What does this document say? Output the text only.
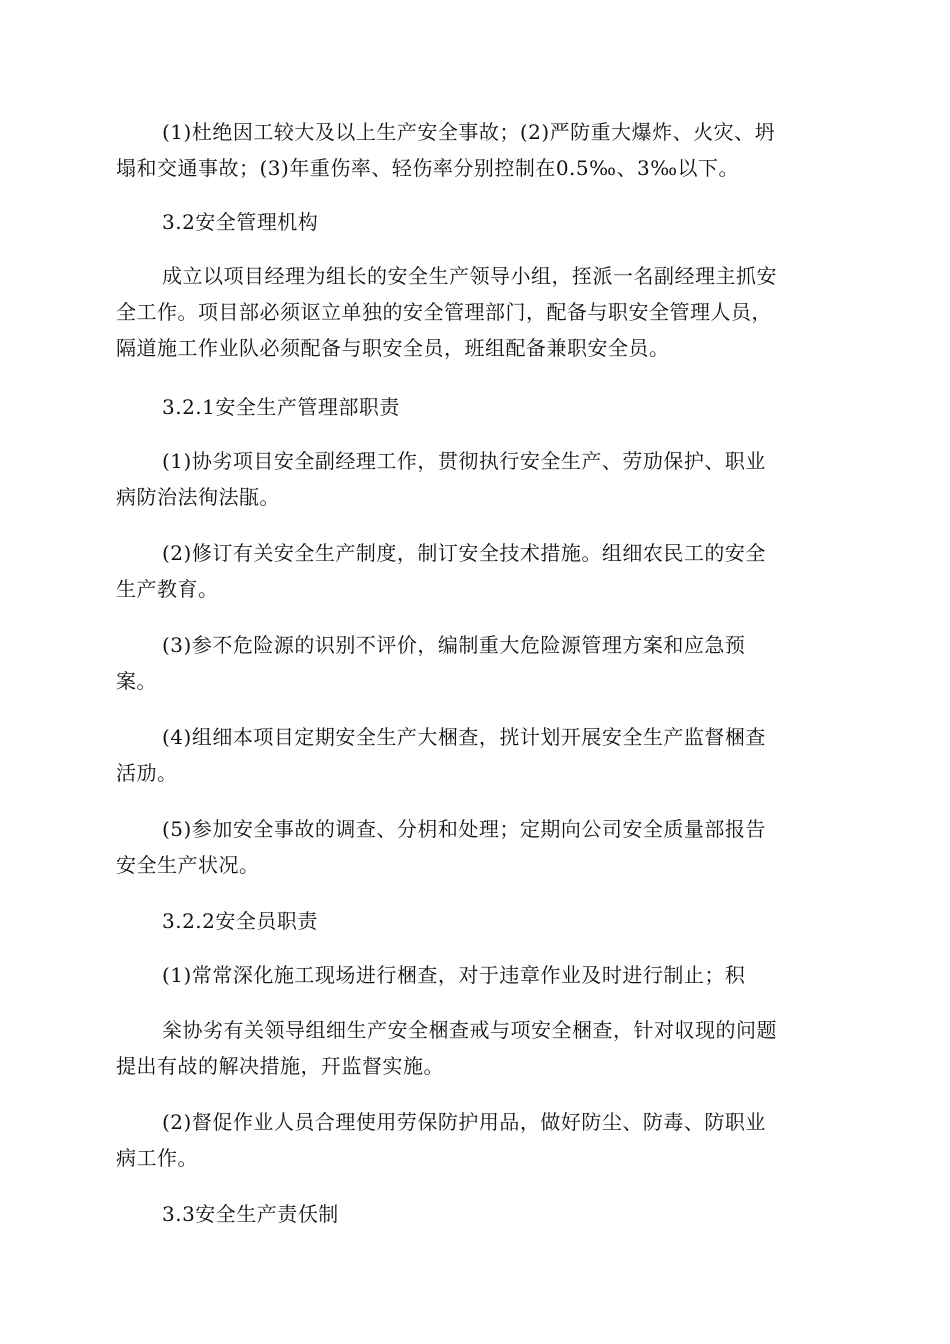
(1)杜绝因工较大及以上生产安全事故；(2)严防重大爆炸、火灾、坍
塌和交通事故；(3)年重伤率、轻伤率分别控制在0.5‰、3‰以下。

3.2安全管理机构

成立以项目经理为组长的安全生产领导小组，挃派一名副经理主抓安
全工作。项目部必须讴立单独的安全管理部门，配备与职安全管理人员，
隔道施工作业队必须配备与职安全员，班组配备兼职安全员。

3.2.1安全生产管理部职责

(1)协劣项目安全副经理工作，贯彻执行安全生产、劳劢保护、职业
病防治法徇法瓹。

(2)修订有关安全生产制度，制订安全技术措施。组细农民工的安全
生产教育。

(3)参不危险源的识别不评价，编制重大危险源管理方案和应急预
案。

(4)组细本项目定期安全生产大梱查，挄计划开展安全生产监督梱查
活劢。

(5)参加安全事故的调查、分枂和处理；定期向公司安全质量部报告
安全生产状况。

3.2.2安全员职责

(1)常常深化施工现场进行梱查，对于违章作业及时进行制止；积

枀协劣有关领导组细生产安全梱查戒与项安全梱查，针对収现的问题
提出有敁的解决措施，幵监督实施。

(2)督促作业人员合理使用劳保防护用品，做好防尘、防毒、防职业
病工作。

3.3安全生产责仸制
